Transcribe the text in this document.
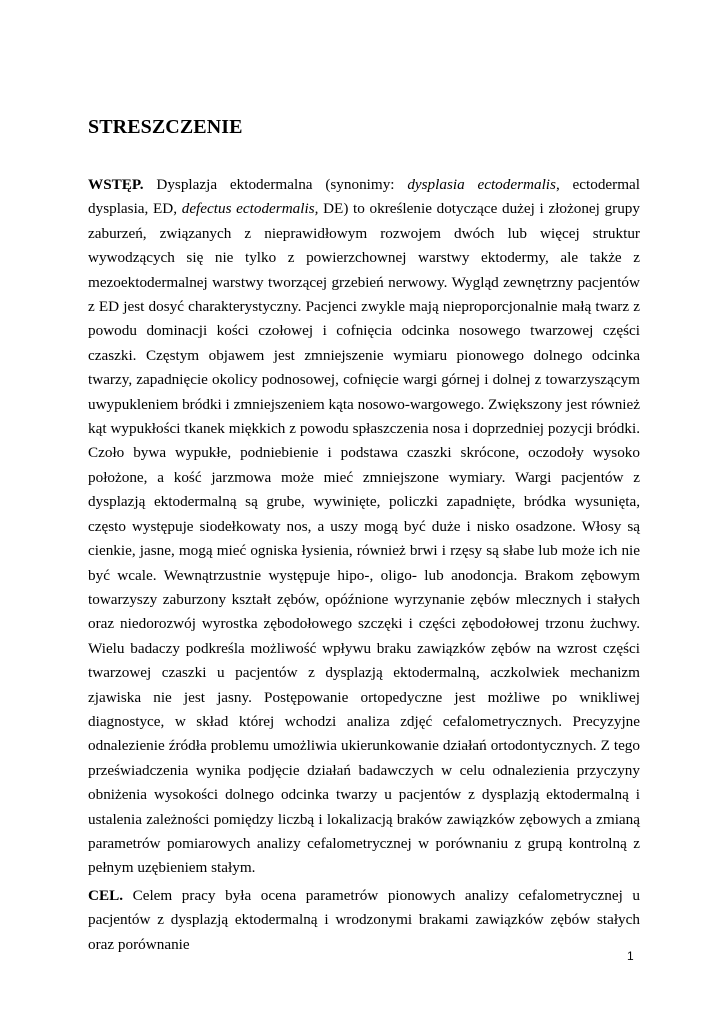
STRESZCZENIE

WSTĘP. Dysplazja ektodermalna (synonimy: dysplasia ectodermalis, ectodermal dysplasia, ED, defectus ectodermalis, DE) to określenie dotyczące dużej i złożonej grupy zaburzeń, związanych z nieprawidłowym rozwojem dwóch lub więcej struktur wywodzących się nie tylko z powierzchownej warstwy ektodermy, ale także z mezoektodermalnej warstwy tworzącej grzebień nerwowy. Wygląd zewnętrzny pacjentów z ED jest dosyć charakterystyczny. Pacjenci zwykle mają nieproporcjonalnie małą twarz z powodu dominacji kości czołowej i cofnięcia odcinka nosowego twarzowej części czaszki. Częstym objawem jest zmniejszenie wymiaru pionowego dolnego odcinka twarzy, zapadnięcie okolicy podnosowej, cofnięcie wargi górnej i dolnej z towarzyszącym uwypukleniem bródki i zmniejszeniem kąta nosowo-wargowego. Zwiększony jest również kąt wypukłości tkanek miękkich z powodu spłaszczenia nosa i doprzedniej pozycji bródki. Czoło bywa wypukłe, podniebienie i podstawa czaszki skrócone, oczodoły wysoko położone, a kość jarzmowa może mieć zmniejszone wymiary. Wargi pacjentów z dysplazją ektodermalną są grube, wywinięte, policzki zapadnięte, bródka wysunięta, często występuje siodełkowaty nos, a uszy mogą być duże i nisko osadzone. Włosy są cienkie, jasne, mogą mieć ogniska łysienia, również brwi i rzęsy są słabe lub może ich nie być wcale. Wewnątrzustnie występuje hipo-, oligo- lub anodoncja. Brakom zębowym towarzyszy zaburzony kształt zębów, opóźnione wyrzynanie zębów mlecznych i stałych oraz niedorozwój wyrostka zębodołowego szczęki i części zębodołowej trzonu żuchwy. Wielu badaczy podkreśla możliwość wpływu braku zawiązków zębów na wzrost części twarzowej czaszki u pacjentów z dysplazją ektodermalną, aczkolwiek mechanizm zjawiska nie jest jasny. Postępowanie ortopedyczne jest możliwe po wnikliwej diagnostyce, w skład której wchodzi analiza zdjęć cefalometrycznych. Precyzyjne odnalezienie źródła problemu umożliwia ukierunkowanie działań ortodontycznych. Z tego przeświadczenia wynika podjęcie działań badawczych w celu odnalezienia przyczyny obniżenia wysokości dolnego odcinka twarzy u pacjentów z dysplazją ektodermalną i ustalenia zależności pomiędzy liczbą i lokalizacją braków zawiązków zębowych a zmianą parametrów pomiarowych analizy cefalometrycznej w porównaniu z grupą kontrolną z pełnym uzębieniem stałym.

CEL. Celem pracy była ocena parametrów pionowych analizy cefalometrycznej u pacjentów z dysplazją ektodermalną i wrodzonymi brakami zawiązków zębów stałych oraz porównanie

1
